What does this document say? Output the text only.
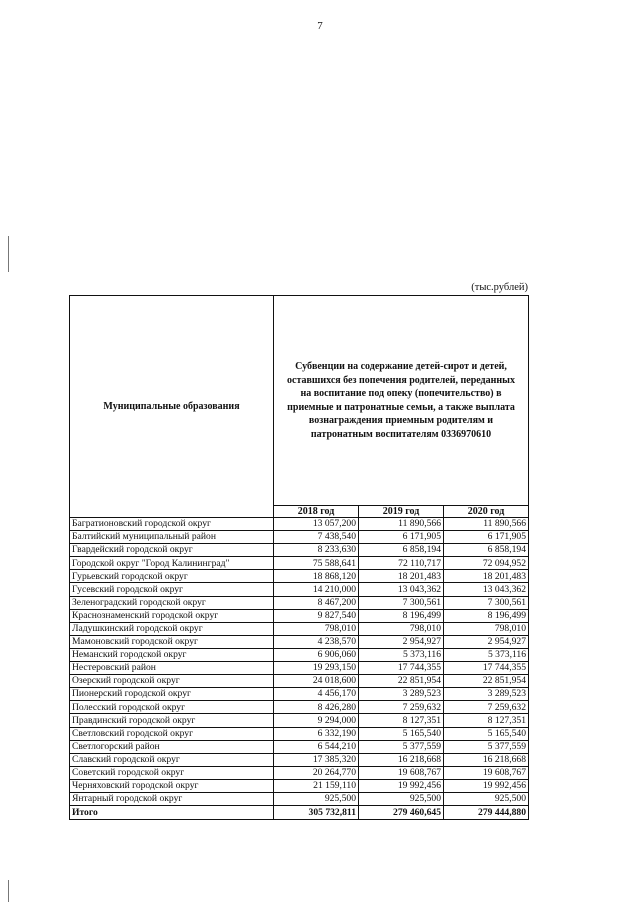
7
(тыс.рублей)
Муниципальные образования	Субвенции на содержание детей-сирот и детей, оставшихся без попечения родителей, переданных на воспитание под опеку (попечительство) в приемные и патронатные семьи, а также выплата вознаграждения приемным родителям и патронатным воспитателям 0336970610		
	2018 год	2019 год	2020 год
Багратионовский городской округ	13 057,200	11 890,566	11 890,566
Балтийский муниципальный район	7 438,540	6 171,905	6 171,905
Гвардейский городской округ	8 233,630	6 858,194	6 858,194
Городской округ "Город Калининград"	75 588,641	72 110,717	72 094,952
Гурьевский городской округ	18 868,120	18 201,483	18 201,483
Гусевский городской округ	14 210,000	13 043,362	13 043,362
Зеленоградский городской округ	8 467,200	7 300,561	7 300,561
Краснознаменский городской округ	9 827,540	8 196,499	8 196,499
Ладушкинский городской округ	798,010	798,010	798,010
Мамоновский городской округ	4 238,570	2 954,927	2 954,927
Неманский городской округ	6 906,060	5 373,116	5 373,116
Нестеровский район	19 293,150	17 744,355	17 744,355
Озерский городской округ	24 018,600	22 851,954	22 851,954
Пионерский городской округ	4 456,170	3 289,523	3 289,523
Полесский городской округ	8 426,280	7 259,632	7 259,632
Правдинский городской округ	9 294,000	8 127,351	8 127,351
Светловский городской округ	6 332,190	5 165,540	5 165,540
Светлогорский район	6 544,210	5 377,559	5 377,559
Славский городской округ	17 385,320	16 218,668	16 218,668
Советский городской округ	20 264,770	19 608,767	19 608,767
Черняховский городской округ	21 159,110	19 992,456	19 992,456
Янтарный городской округ	925,500	925,500	925,500
Итого	305 732,811	279 460,645	279 444,880
